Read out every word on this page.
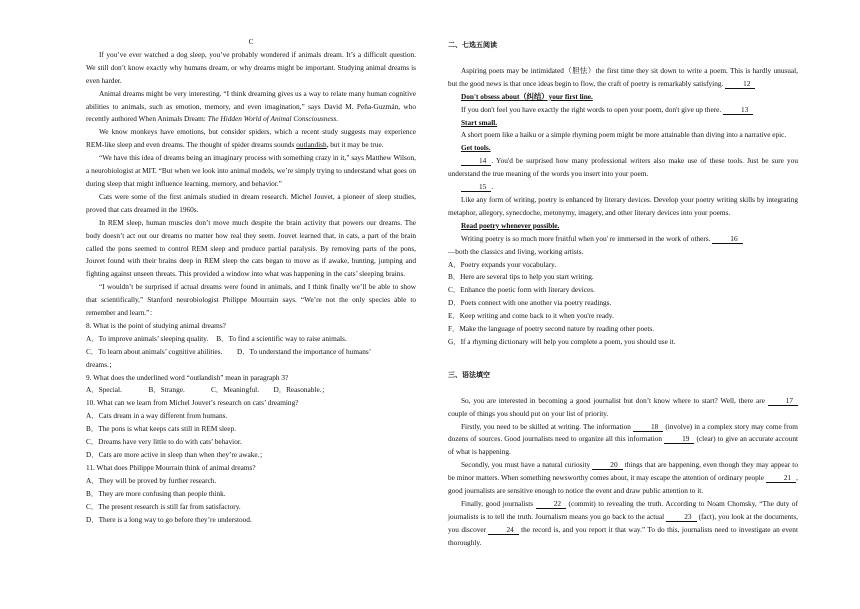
C

If you’ve ever watched a dog sleep, you’ve probably wondered if animals dream. It’s a difficult question. We still don’t know exactly why humans dream, or why dreams might be important. Studying animal dreams is even harder.

Animal dreams might be very interesting. “I think dreaming gives us a way to relate many human cognitive abilities to animals, such as emotion, memory, and even imagination,” says David M. Peña-Guzmán, who recently authored When Animals Dream: The Hidden World of Animal Consciousness.

We know monkeys have emotions, but consider spiders, which a recent study suggests may experience REM-like sleep and even dreams. The thought of spider dreams sounds outlandish, but it may be true.

“We have this idea of dreams being an imaginary process with something crazy in it,” says Matthew Wilson, a neurobiologist at MIT. “But when we look into animal models, we’re simply trying to understand what goes on during sleep that might influence learning, memory, and behavior.”

Cats were some of the first animals studied in dream research. Michel Jouvet, a pioneer of sleep studies, proved that cats dreamed in the 1960s.

In REM sleep, human muscles don’t move much despite the brain activity that powers our dreams. The body doesn’t act out our dreams no matter how real they seem. Jouvet learned that, in cats, a part of the brain called the pons seemed to control REM sleep and produce partial paralysis. By removing parts of the pons, Jouvet found with their brains deep in REM sleep the cats began to move as if awake, hunting, jumping and fighting against unseen threats. This provided a window into what was happening in the cats’ sleeping brains.

“I wouldn’t be surprised if actual dreams were found in animals, and I think finally we’ll be able to show that scientifically,” Stanford neurobiologist Philippe Mourrain says. “We’re not the only species able to remember and learn.”：

8. What is the point of studying animal dreams?

A．To improve animals’ sleeping quality. B．To find a scientific way to raise animals.

C．To learn about animals’ cognitive abilities. D．To understand the importance of humans’

dreams.；

9. What does the underlined word “outlandish” mean in paragraph 3?

A．Special.	B．Strange.	C．Meaningful.	D．Reasonable.；

10. What can we learn from Michel Jouvet’s research on cats’ dreaming?

A．Cats dream in a way different from humans.

B．The pons is what keeps cats still in REM sleep.

C．Dreams have very little to do with cats’ behavior.

D．Cats are more active in sleep than when they’re awake.；

11. What does Philippe Mourrain think of animal dreams?

A．They will be proved by further research.

B．They are more confusing than people think.

C．The present research is still far from satisfactory.

D．There is a long way to go before they’re understood.

二、七选五阅读

Aspiring poets may be intimidated（胆怯）the first time they sit down to write a poem. This is hardly unusual, but the good news is that once ideas begin to flow, the craft of poetry is remarkably satisfying. 12

Don't obsess about（纠结）your first line.

If you don't feel you have exactly the right words to open your poem, don't give up there. 13

Start small.

A short poem like a haiku or a simple rhyming poem might be more attainable than diving into a narrative epic.

Get tools.

14 . You'd be surprised how many professional writers also make use of these tools. Just be sure you understand the true meaning of the words you insert into your poem.

15 .

Like any form of writing, poetry is enhanced by literary devices. Develop your poetry writing skills by integrating metaphor, allegory, synecdoche, metonymy, imagery, and other literary devices into your poems.

Read poetry whenever possible.

Writing poetry is so much more fruitful when you' re immersed in the work of others. 16

—both the classics and living, working artists.

A．Poetry expands your vocabulary.

B．Here are several tips to help you start writing.

C．Enhance the poetic form with literary devices.

D．Poets connect with one another via poetry readings.

E．Keep writing and come back to it when you're ready.

F．Make the language of poetry second nature by reading other poets.

G．If a rhyming dictionary will help you complete a poem, you should use it.

三、语法填空

So, you are interested in becoming a good journalist but don’t know where to start? Well, there are 17 couple of things you should put on your list of priority.

Firstly, you need to be skilled at writing. The information 18 (involve) in a complex story may come from dozens of sources. Good journalists need to organize all this information 19 (clear) to give an accurate account of what is happening.

Secondly, you must have a natural curiosity 20 things that are happening, even though they may appear to be minor matters. When something newsworthy comes about, it may escape the attention of ordinary people 21 , good journalists are sensitive enough to notice the event and draw public attention to it.

Finally, good journalists 22 (commit) to revealing the truth. According to Noam Chomsky, “The duty of journalists is to tell the truth. Journalism means you go back to the actual 23 (fact), you look at the documents, you discover 24 the record is, and you report it that way.” To do this, journalists need to investigate an event thoroughly.
